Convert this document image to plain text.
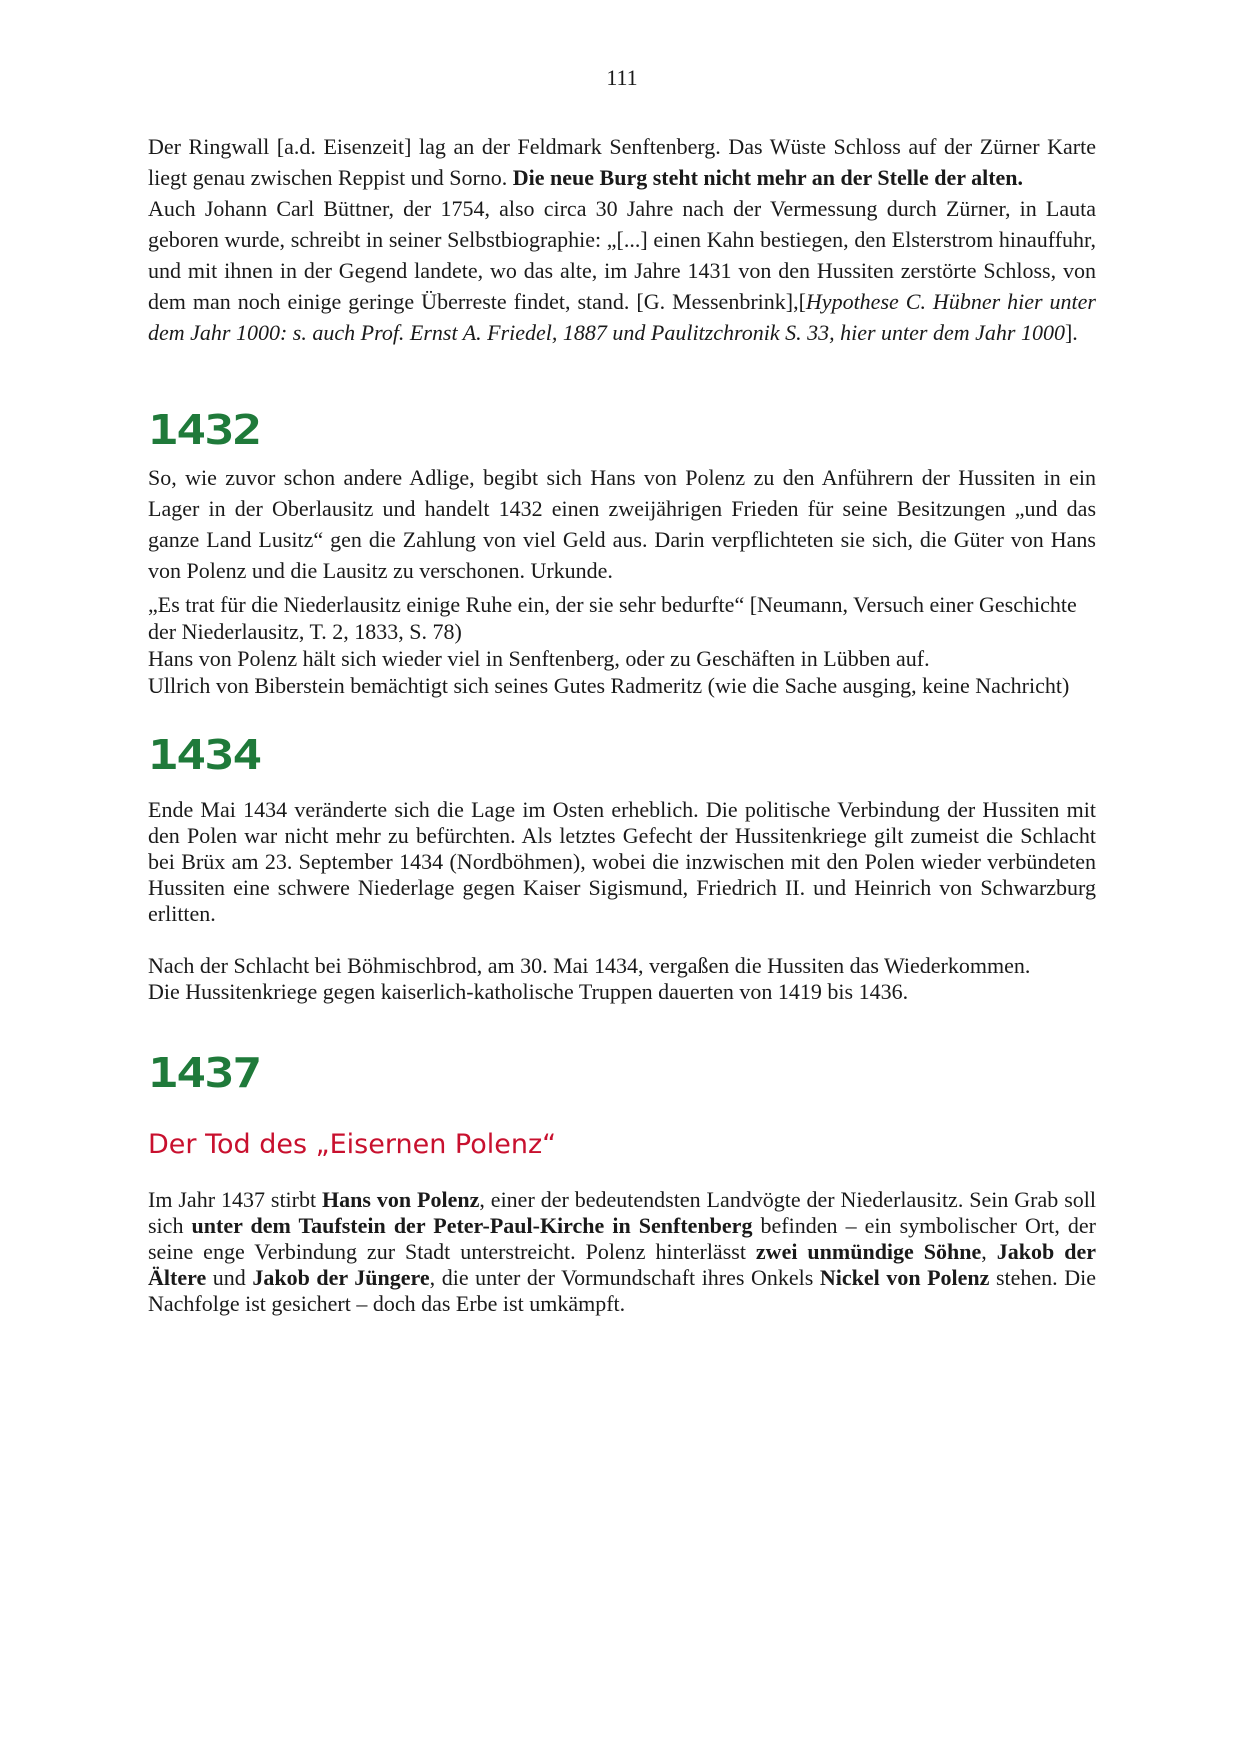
111

Der Ringwall [a.d. Eisenzeit] lag an der Feldmark Senftenberg. Das Wüste Schloss auf der Zürner Karte liegt genau zwischen Reppist und Sorno. Die neue Burg steht nicht mehr an der Stelle der alten.

Auch Johann Carl Büttner, der 1754, also circa 30 Jahre nach der Vermessung durch Zürner, in Lauta geboren wurde, schreibt in seiner Selbstbiographie: „[...] einen Kahn bestiegen, den Elsterstrom hinauffuhr, und mit ihnen in der Gegend landete, wo das alte, im Jahre 1431 von den Hussiten zerstörte Schloss, von dem man noch einige geringe Überreste findet, stand. [G. Messenbrink],[Hypothese C. Hübner hier unter dem Jahr 1000: s. auch Prof. Ernst A. Friedel, 1887 und Paulitzchronik S. 33, hier unter dem Jahr 1000].

1432

So, wie zuvor schon andere Adlige, begibt sich Hans von Polenz zu den Anführern der Hussiten in ein Lager in der Oberlausitz und handelt 1432 einen zweijährigen Frieden für seine Besitzungen „und das ganze Land Lusitz“ gen die Zahlung von viel Geld aus. Darin verpflichteten sie sich, die Güter von Hans von Polenz und die Lausitz zu verschonen. Urkunde.

„Es trat für die Niederlausitz einige Ruhe ein, der sie sehr bedurfte“ [Neumann, Versuch einer Geschichte der Niederlausitz, T. 2, 1833, S. 78)

Hans von Polenz hält sich wieder viel in Senftenberg, oder zu Geschäften in Lübben auf.

Ullrich von Biberstein bemächtigt sich seines Gutes Radmeritz (wie die Sache ausging, keine Nachricht)

1434

Ende Mai 1434 veränderte sich die Lage im Osten erheblich. Die politische Verbindung der Hussiten mit den Polen war nicht mehr zu befürchten. Als letztes Gefecht der Hussitenkriege gilt zumeist die Schlacht bei Brüx am 23. September 1434 (Nordböhmen), wobei die inzwischen mit den Polen wieder verbündeten Hussiten eine schwere Niederlage gegen Kaiser Sigismund, Friedrich II. und Heinrich von Schwarzburg erlitten.

Nach der Schlacht bei Böhmischbrod, am 30. Mai 1434, vergaßen die Hussiten das Wiederkommen.

Die Hussitenkriege gegen kaiserlich-katholische Truppen dauerten von 1419 bis 1436.

1437
Der Tod des „Eisernen Polenz“

Im Jahr 1437 stirbt Hans von Polenz, einer der bedeutendsten Landvögte der Niederlausitz. Sein Grab soll sich unter dem Taufstein der Peter-Paul-Kirche in Senftenberg befinden – ein symbolischer Ort, der seine enge Verbindung zur Stadt unterstreicht. Polenz hinterlässt zwei unmündige Söhne, Jakob der Ältere und Jakob der Jüngere, die unter der Vormundschaft ihres Onkels Nickel von Polenz stehen. Die Nachfolge ist gesichert – doch das Erbe ist umkämpft.
